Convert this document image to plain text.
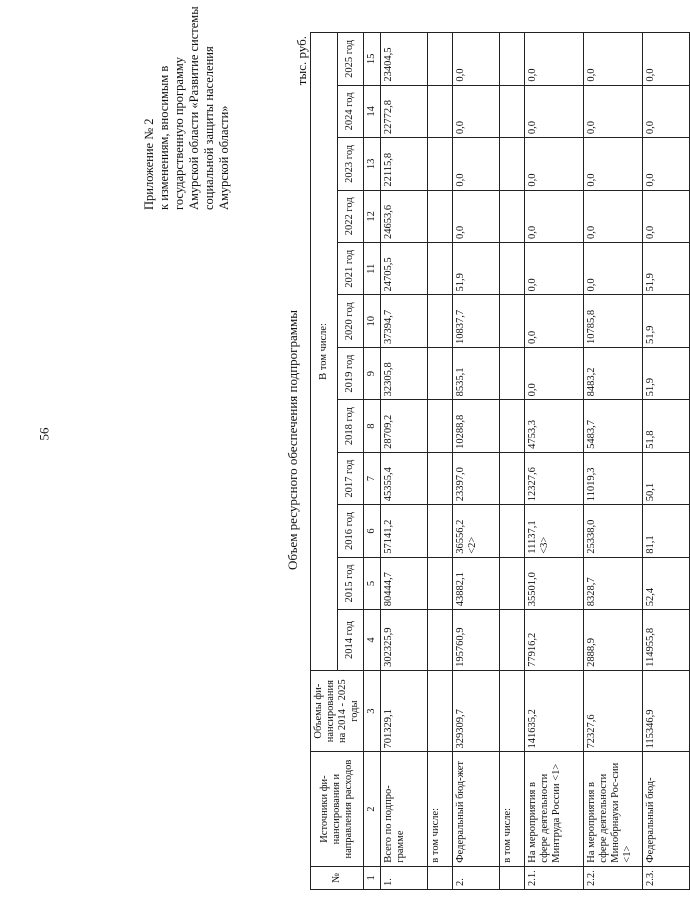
56
Приложение № 2 к изменениям, вносимым в государственную программу Амурской области «Развитие системы социальной защиты населения Амурской области»
Объем ресурсного обеспечения подпрограммы
тыс. руб.
№	Источники фи-нансирования и направления расходов	Объемы фи-нансирования на 2014 - 2025 годы	В том числе:											
			2014 год	2015 год	2016 год	2017 год	2018 год	2019 год	2020 год	2021 год	2022 год	2023 год	2024 год	2025 год
1	2	3	4	5	6	7	8	9	10	11	12	13	14	15
1.	Всего по подпро-грамме	701329,1	302325,9	80444,7	57141,2	45355,4	28709,2	32305,8	37394,7	24705,5	24653,6	22115,8	22772,8	23404,5
	в том числе:													
2.	Федеральный бюд-жет	329309,7	195760,9	43882,1	36556,2 <2>	23397,0	10288,8	8535,1	10837,7	51,9	0,0	0,0	0,0	0,0
	в том числе:													
2.1.	На мероприятия в сфере деятельности Минтруда России <1>	141635,2	77916,2	35501,0	11137,1 <3>	12327,6	4753,3	0,0	0,0	0,0	0,0	0,0	0,0	0,0
2.2.	На мероприятия в сфере деятельности Минобрнауки Рос-сии <1>	72327,6	2888,9	8328,7	25338,0	11019,3	5483,7	8483,2	10785,8	0,0	0,0	0,0	0,0	0,0
2.3.	Федеральный бюд-	115346,9	114955,8	52,4	81,1	50,1	51,8	51,9	51,9	51,9	0,0	0,0	0,0	0,0
